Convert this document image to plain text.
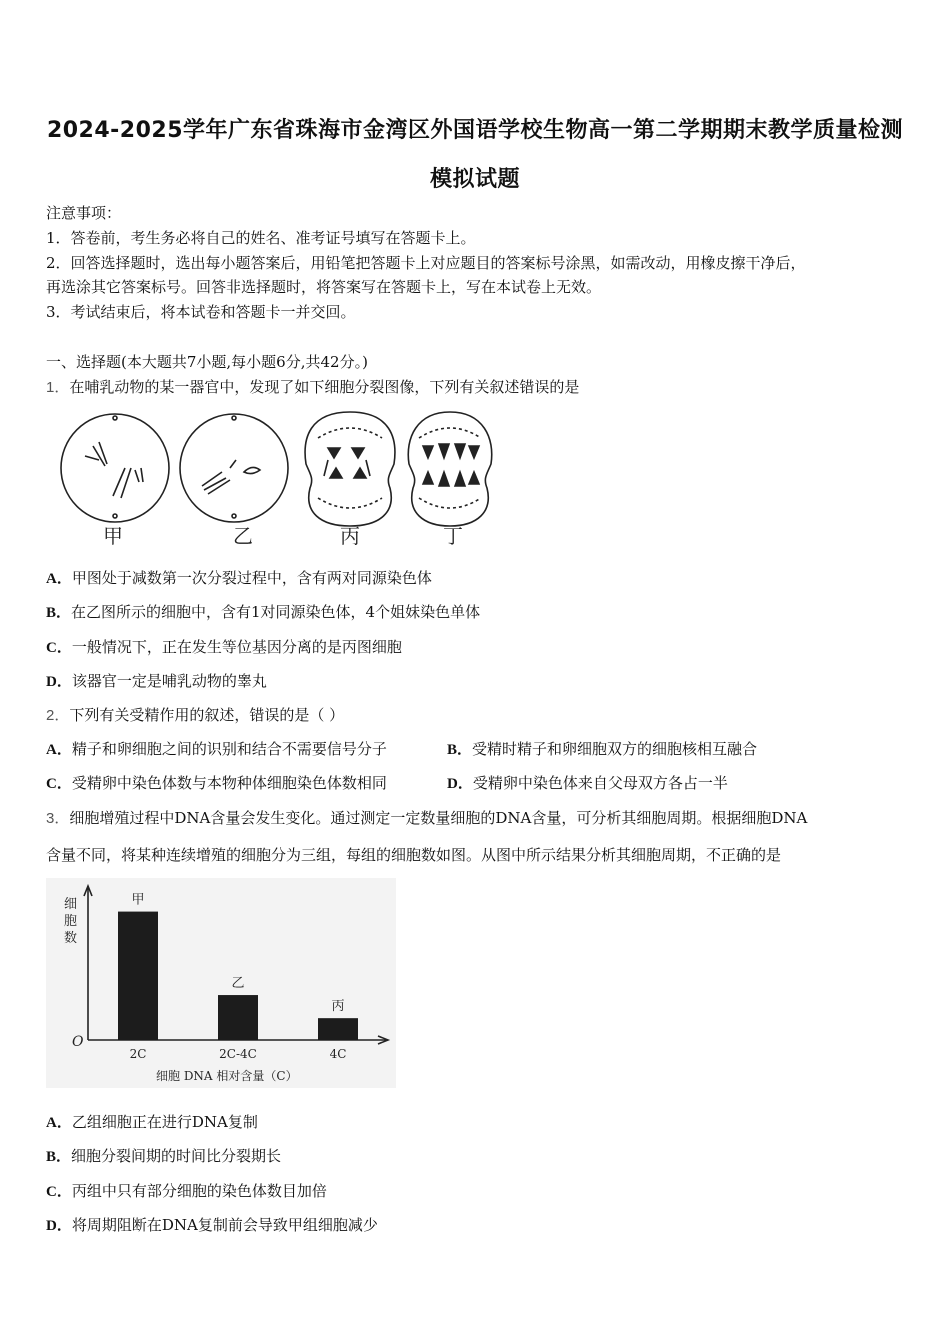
2024-2025学年广东省珠海市金湾区外国语学校生物高一第二学期期末教学质量检测
模拟试题
注意事项：
1．答卷前，考生务必将自己的姓名、准考证号填写在答题卡上。
2．回答选择题时，选出每小题答案后，用铅笔把答题卡上对应题目的答案标号涂黑，如需改动，用橡皮擦干净后，
再选涂其它答案标号。回答非选择题时，将答案写在答题卡上，写在本试卷上无效。
3．考试结束后，将本试卷和答题卡一并交回。
一、选择题(本大题共7小题,每小题6分,共42分。)
1．在哺乳动物的某一器官中，发现了如下细胞分裂图像，下列有关叙述错误的是
甲	乙	丙	丁
A．甲图处于减数第一次分裂过程中，含有两对同源染色体
B．在乙图所示的细胞中，含有1对同源染色体，4个姐妹染色单体
C．一般情况下，正在发生等位基因分离的是丙图细胞
D．该器官一定是哺乳动物的睾丸
2．下列有关受精作用的叙述，错误的是（ ）
A．精子和卵细胞之间的识别和结合不需要信号分子	B．受精时精子和卵细胞双方的细胞核相互融合
C．受精卵中染色体数与本物种体细胞染色体数相同	D．受精卵中染色体来自父母双方各占一半
3．细胞增殖过程中DNA含量会发生变化。通过测定一定数量细胞的DNA含量，可分析其细胞周期。根据细胞DNA
含量不同，将某种连续增殖的细胞分为三组，每组的细胞数如图。从图中所示结果分析其细胞周期，不正确的是
细
胞
数
O
细胞 DNA 相对含量（C）
甲
2C
乙
2C-4C
丙
4C
A．乙组细胞正在进行DNA复制
B．细胞分裂间期的时间比分裂期长
C．丙组中只有部分细胞的染色体数目加倍
D．将周期阻断在DNA复制前会导致甲组细胞减少
